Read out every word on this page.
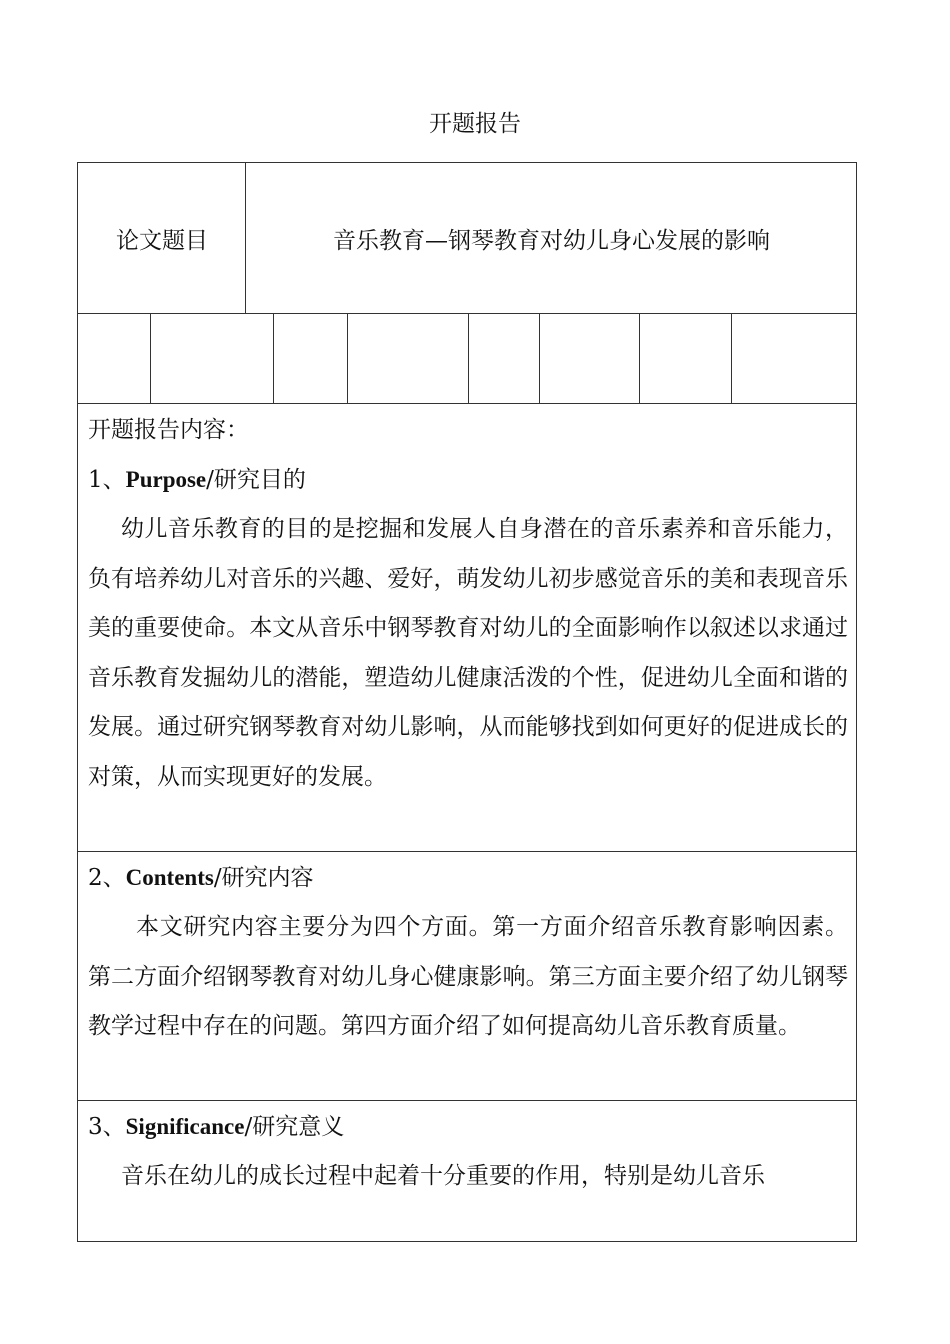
开题报告
论文题目	音乐教育—钢琴教育对幼儿身心发展的影响

开题报告内容：

1、Purpose/研究目的

幼儿音乐教育的目的是挖掘和发展人自身潜在的音乐素养和音乐能力，负有培养幼儿对音乐的兴趣、爱好，萌发幼儿初步感觉音乐的美和表现音乐美的重要使命。本文从音乐中钢琴教育对幼儿的全面影响作以叙述以求通过音乐教育发掘幼儿的潜能，塑造幼儿健康活泼的个性，促进幼儿全面和谐的发展。通过研究钢琴教育对幼儿影响，从而能够找到如何更好的促进成长的对策，从而实现更好的发展。

2、Contents/研究内容

本文研究内容主要分为四个方面。第一方面介绍音乐教育影响因素。第二方面介绍钢琴教育对幼儿身心健康影响。第三方面主要介绍了幼儿钢琴教学过程中存在的问题。第四方面介绍了如何提高幼儿音乐教育质量。

3、Significance/研究意义

音乐在幼儿的成长过程中起着十分重要的作用，特别是幼儿音乐
